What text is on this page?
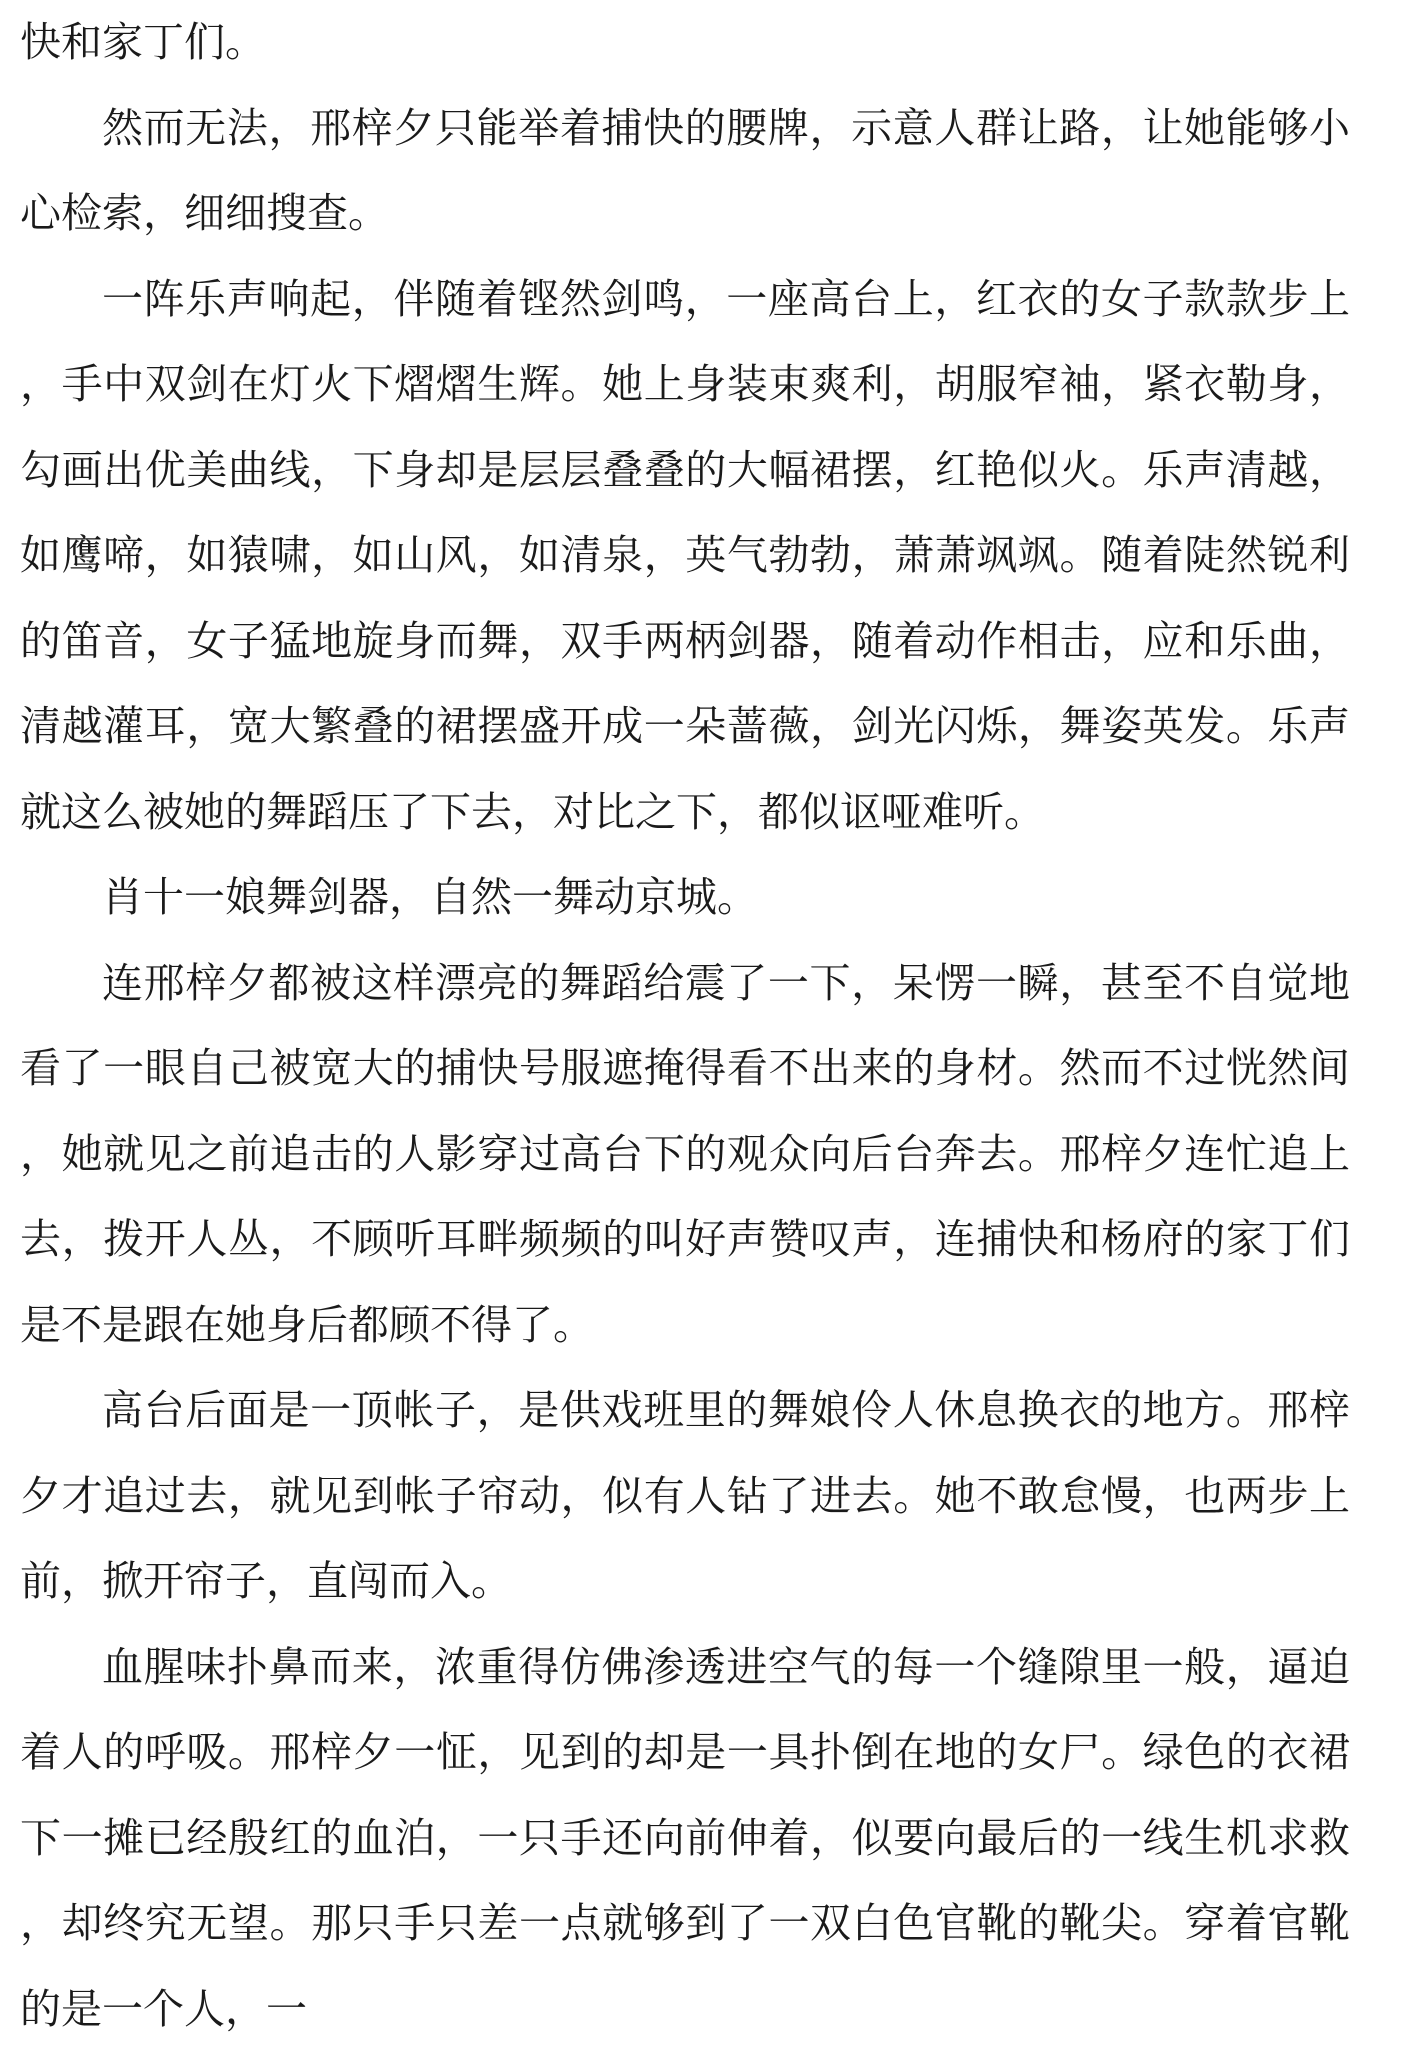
快和家丁们。

然而无法，邢梓夕只能举着捕快的腰牌，示意人群让路，让她能够小心检索，细细搜查。

一阵乐声响起，伴随着铿然剑鸣，一座高台上，红衣的女子款款步上，手中双剑在灯火下熠熠生辉。她上身装束爽利，胡服窄袖，紧衣勒身，勾画出优美曲线，下身却是层层叠叠的大幅裙摆，红艳似火。乐声清越，如鹰啼，如猿啸，如山风，如清泉，英气勃勃，萧萧飒飒。随着陡然锐利的笛音，女子猛地旋身而舞，双手两柄剑器，随着动作相击，应和乐曲，清越灌耳，宽大繁叠的裙摆盛开成一朵蔷薇，剑光闪烁，舞姿英发。乐声就这么被她的舞蹈压了下去，对比之下，都似讴哑难听。

肖十一娘舞剑器，自然一舞动京城。

连邢梓夕都被这样漂亮的舞蹈给震了一下，呆愣一瞬，甚至不自觉地看了一眼自己被宽大的捕快号服遮掩得看不出来的身材。然而不过恍然间，她就见之前追击的人影穿过高台下的观众向后台奔去。邢梓夕连忙追上去，拨开人丛，不顾听耳畔频频的叫好声赞叹声，连捕快和杨府的家丁们是不是跟在她身后都顾不得了。

高台后面是一顶帐子，是供戏班里的舞娘伶人休息换衣的地方。邢梓夕才追过去，就见到帐子帘动，似有人钻了进去。她不敢怠慢，也两步上前，掀开帘子，直闯而入。

血腥味扑鼻而来，浓重得仿佛渗透进空气的每一个缝隙里一般，逼迫着人的呼吸。邢梓夕一怔，见到的却是一具扑倒在地的女尸。绿色的衣裙下一摊已经殷红的血泊，一只手还向前伸着，似要向最后的一线生机求救，却终究无望。那只手只差一点就够到了一双白色官靴的靴尖。穿着官靴的是一个人，一
